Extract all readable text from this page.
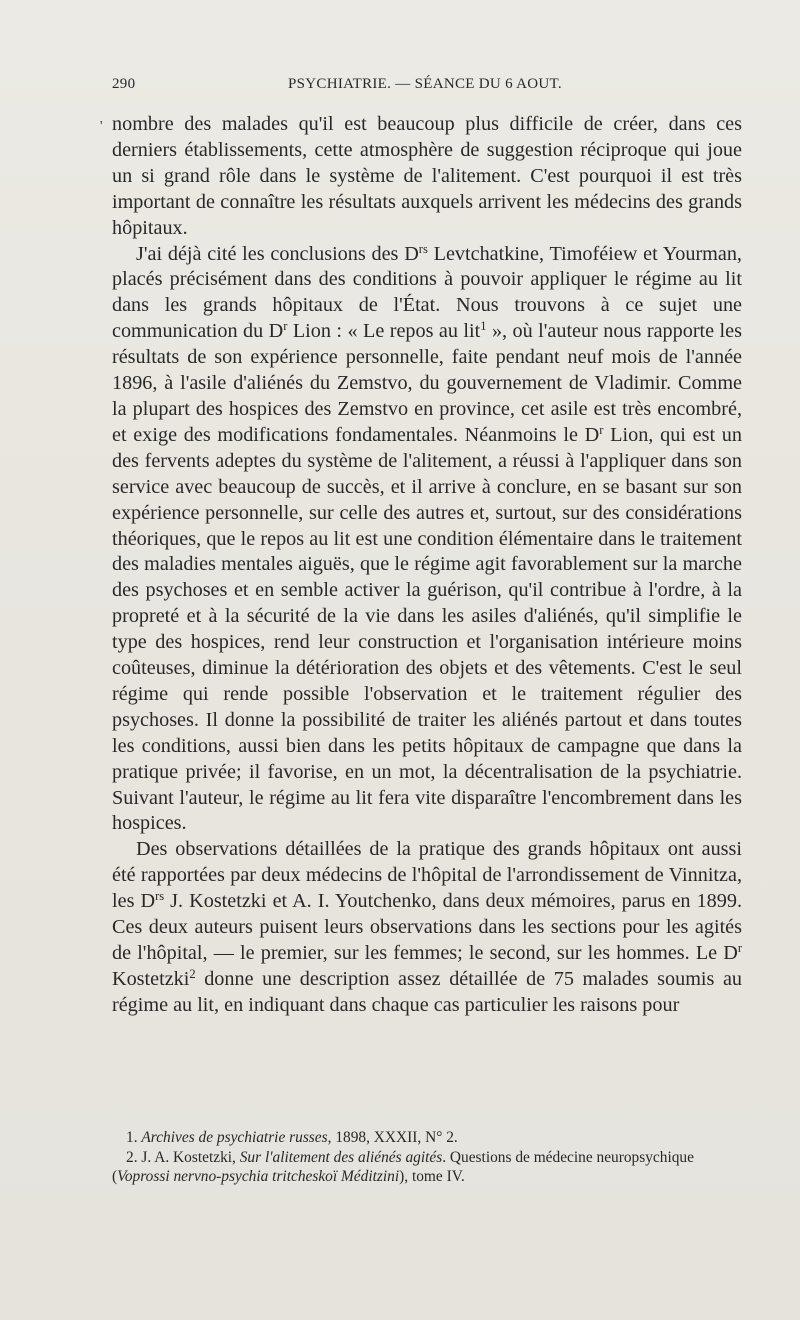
290	PSYCHIATRIE. — SÉANCE DU 6 AOUT.
' nombre des malades qu'il est beaucoup plus difficile de créer, dans ces derniers établissements, cette atmosphère de suggestion réciproque qui joue un si grand rôle dans le système de l'alitement. C'est pourquoi il est très important de connaître les résultats auxquels arrivent les médecins des grands hôpitaux.

J'ai déjà cité les conclusions des $D^{rs}$ Levtchatkine, Timoféiew et Yourman, placés précisément dans des conditions à pouvoir appliquer le régime au lit dans les grands hôpitaux de l'État. Nous trouvons à ce sujet une communication du $D^r$ Lion : « Le repos au lit$^1$ », où l'auteur nous rapporte les résultats de son expérience personnelle, faite pendant neuf mois de l'année 1896, à l'asile d'aliénés du Zemstvo, du gouvernement de Vladimir. Comme la plupart des hospices des Zemstvo en province, cet asile est très encombré, et exige des modifications fondamentales. Néanmoins le $D^r$ Lion, qui est un des fervents adeptes du système de l'alitement, a réussi à l'appliquer dans son service avec beaucoup de succès, et il arrive à conclure, en se basant sur son expérience personnelle, sur celle des autres et, surtout, sur des considérations théoriques, que le repos au lit est une condition élémentaire dans le traitement des maladies mentales aiguës, que le régime agit favorablement sur la marche des psychoses et en semble activer la guérison, qu'il contribue à l'ordre, à la propreté et à la sécurité de la vie dans les asiles d'aliénés, qu'il simplifie le type des hospices, rend leur construction et l'organisation intérieure moins coûteuses, diminue la détérioration des objets et des vêtements. C'est le seul régime qui rende possible l'observation et le traitement régulier des psychoses. Il donne la possibilité de traiter les aliénés partout et dans toutes les conditions, aussi bien dans les petits hôpitaux de campagne que dans la pratique privée; il favorise, en un mot, la décentralisation de la psychiatrie. Suivant l'auteur, le régime au lit fera vite disparaître l'encombrement dans les hospices.

Des observations détaillées de la pratique des grands hôpitaux ont aussi été rapportées par deux médecins de l'hôpital de l'arrondissement de Vinnitza, les $D^{rs}$ J. Kostetzki et A. I. Youtchenko, dans deux mémoires, parus en 1899. Ces deux auteurs puisent leurs observations dans les sections pour les agités de l'hôpital, — le premier, sur les femmes; le second, sur les hommes. Le $D^r$ Kostetzki$^2$ donne une description assez détaillée de 75 malades soumis au régime au lit, en indiquant dans chaque cas particulier les raisons pour

1. Archives de psychiatrie russes, 1898, XXXII, N° 2.

2. J. A. Kostetzki, Sur l'alitement des aliénés agités. Questions de médecine neuropsychique (Voprossi nervno-psychia tritcheskoï Méditzini), tome IV.
